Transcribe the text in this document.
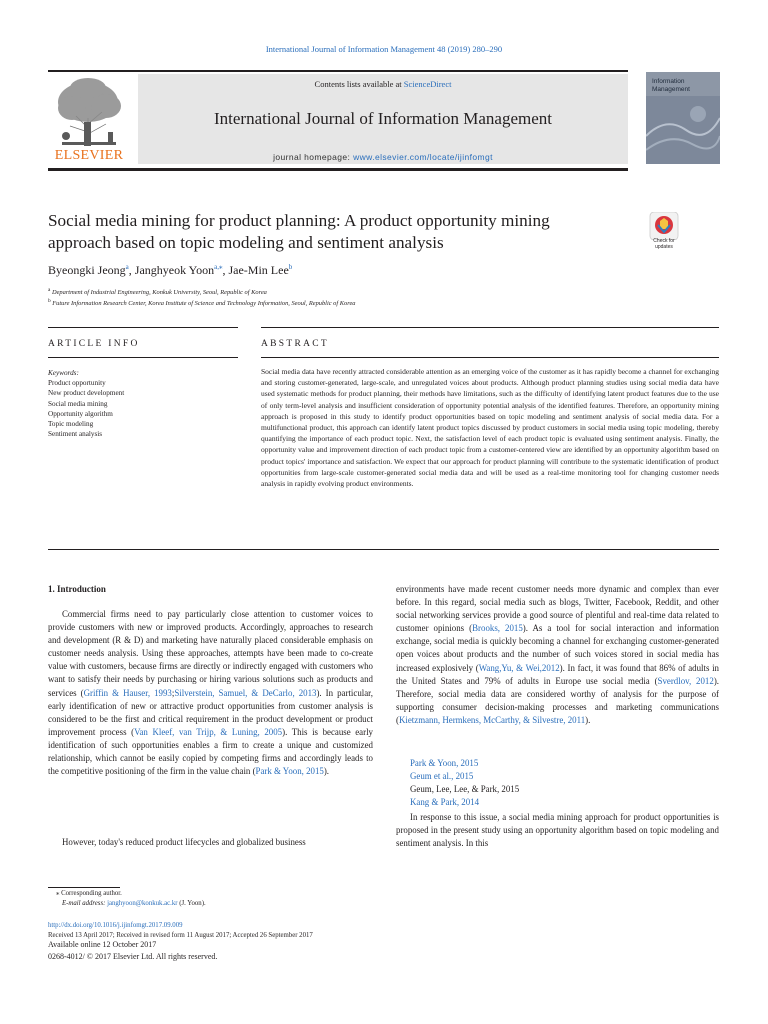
International Journal of Information Management 48 (2019) 280–290
ELSEVIER
Contents lists available at ScienceDirect
International Journal of Information Management
journal homepage: www.elsevier.com/locate/ijinfomgt
Information Management
Social media mining for product planning: A product opportunity mining
approach based on topic modeling and sentiment analysis	Check for updates
Byeongki Jeong$^a$, Janghyeok Yoon$^{a,⁎}$, Jae-Min Lee$^b$
$^a$ Department of Industrial Engineering, Konkuk University, Seoul, Republic of Korea
$^b$ Future Information Research Center, Korea Institute of Science and Technology Information, Seoul, Republic of Korea
ARTICLE INFO	ABSTRACT
Keywords:
Product opportunity
New product development
Social media mining
Opportunity algorithm
Topic modeling
Sentiment analysis
Social media data have recently attracted considerable attention as an emerging voice of the customer as it has rapidly become a channel for exchanging and storing customer-generated, large-scale, and unregulated voices about products. Although product planning studies using social media data have used systematic methods for product planning, their methods have limitations, such as the difficulty of identifying latent product features due to the use of only term-level analysis and insufficient consideration of opportunity potential analysis of the identified features. Therefore, an opportunity mining approach is proposed in this study to identify product opportunities based on topic modeling and sentiment analysis of social media data. For a multifunctional product, this approach can identify latent product topics discussed by product customers in social media using topic modeling, thereby quantifying the importance of each product topic. Next, the satisfaction level of each product topic is evaluated using sentiment analysis. Finally, the opportunity value and improvement direction of each product topic from a customer-centered view are identified by an opportunity algorithm based on product topics' importance and satisfaction. We expect that our approach for product planning will contribute to the systematic identification of product opportunities from large-scale customer-generated social media data and will be used as a real-time monitoring tool for changing customer needs analysis in rapidly evolving product environments.
1. Introduction
Commercial firms need to pay particularly close attention to customer voices to provide customers with new or improved products. Accordingly, approaches to research and development (R & D) and marketing have naturally placed considerable emphasis on customer needs analysis. Using these approaches, attempts have been made to co-create value with customers, because firms are directly or indirectly engaged with customers who want to satisfy their needs by purchasing or hiring various solutions such as products and services (Griffin & Hauser, 1993;Silverstein, Samuel, & DeCarlo, 2013). In particular, early identification of new or attractive product opportunities from customer analysis is considered to be the first and critical requirement in the product development or product improvement process (Van Kleef, van Trijp, & Luning, 2005). This is because early identification of such opportunities enables a firm to create a unique and customized relationship, which cannot be easily copied by competing firms and accordingly leads to the competitive positioning of the firm in the value chain (Park & Yoon, 2015).
However, today's reduced product lifecycles and globalized business
environments have made recent customer needs more dynamic and complex than ever before. In this regard, social media such as blogs, Twitter, Facebook, Reddit, and other social networking services provide a good source of plentiful and real-time data related to customer opinions (Brooks, 2015). As a tool for social interaction and information exchange, social media is quickly becoming a channel for exchanging customer-generated open voices about products and the number of such voices stored in social media has increased explosively (Wang,Yu, & Wei,2012). In fact, it was found that 86% of adults in the United States and 79% of adults in Europe use social media (Sverdlov, 2012). Therefore, social media data are considered worthy of analysis for the purpose of supporting consumer decision-making processes and marketing communications (Kietzmann, Hermkens, McCarthy, & Silvestre, 2011).
Park & Yoon, 2015
Geum et al., 2015
Geum, Lee, Lee, & Park, 2015
Kang & Park, 2014
In response to this issue, a social media mining approach for product opportunities is proposed in the present study using an opportunity algorithm based on topic modeling and sentiment analysis. In this
⁎ Corresponding author.
E-mail address: janghyoon@konkuk.ac.kr (J. Yoon).
http://dx.doi.org/10.1016/j.ijinfomgt.2017.09.009
Received 13 April 2017; Received in revised form 11 August 2017; Accepted 26 September 2017
Available online 12 October 2017
0268-4012/ © 2017 Elsevier Ltd. All rights reserved.
